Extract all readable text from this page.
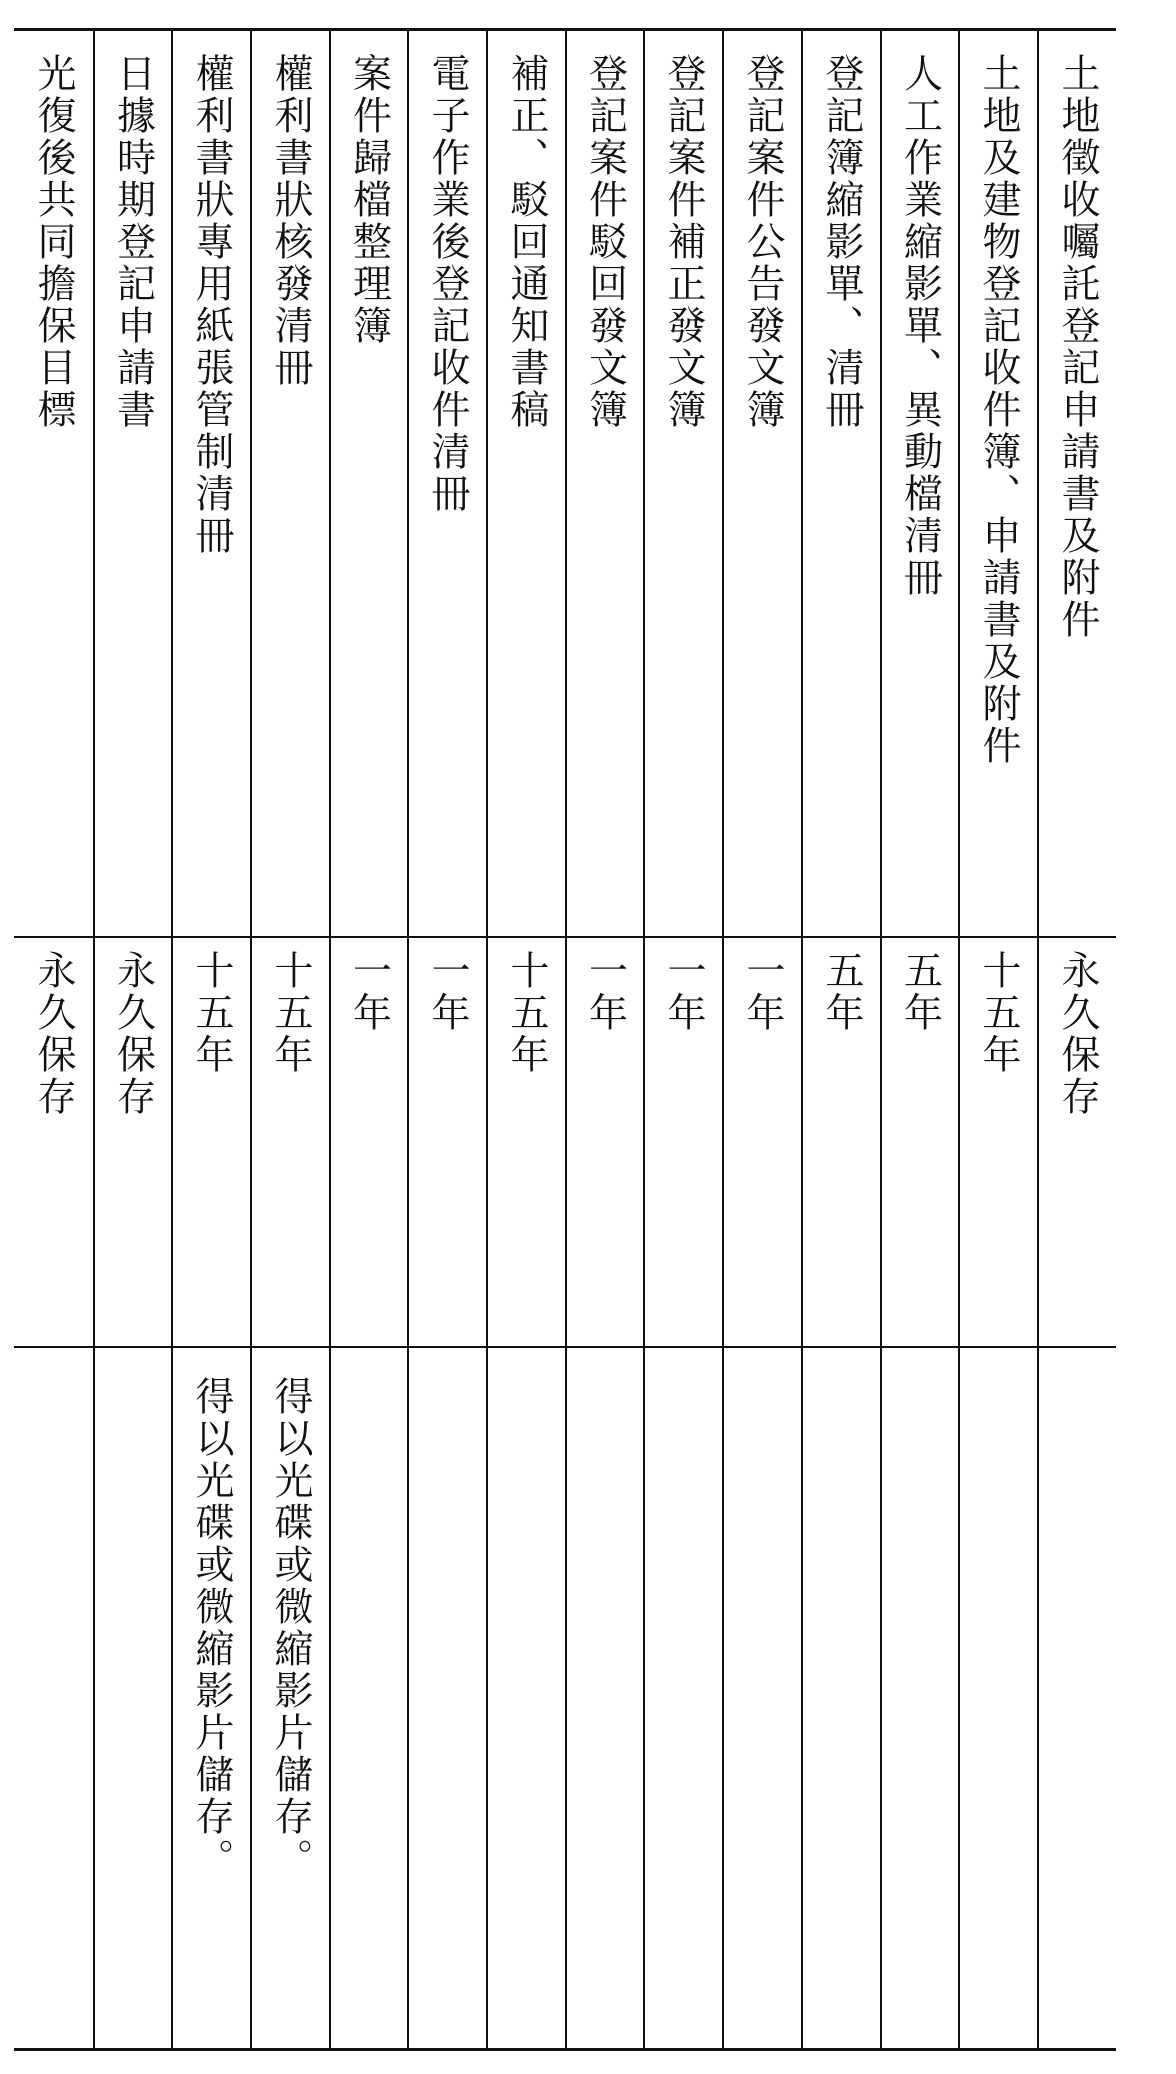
土地徵收囑託登記申請書及附件
永久保存
土地及建物登記收件簿、申請書及附件
十五年
人工作業縮影單、異動檔清冊
五年
登記簿縮影單、清冊
五年
登記案件公告發文簿
一年
登記案件補正發文簿
一年
登記案件駁回發文簿
一年
補正、駁回通知書稿
十五年
電子作業後登記收件清冊
一年
案件歸檔整理簿
一年
權利書狀核發清冊
十五年
得以光碟或微縮影片儲存。
權利書狀專用紙張管制清冊
十五年
得以光碟或微縮影片儲存。
日據時期登記申請書
永久保存
光復後共同擔保目標
永久保存
